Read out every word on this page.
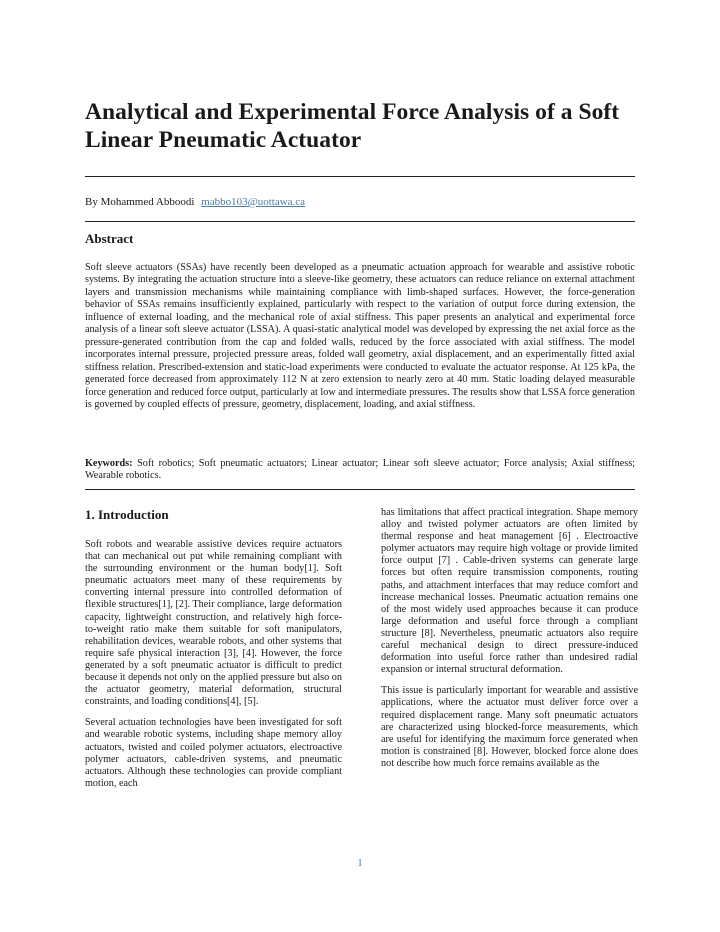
Analytical and Experimental Force Analysis of a Soft Linear Pneumatic Actuator
By Mohammed Abboodi mabbo103@uottawa.ca
Abstract

Soft sleeve actuators (SSAs) have recently been developed as a pneumatic actuation approach for wearable and assistive robotic systems. By integrating the actuation structure into a sleeve-like geometry, these actuators can reduce reliance on external attachment layers and transmission mechanisms while maintaining compliance with limb-shaped surfaces. However, the force-generation behavior of SSAs remains insufficiently explained, particularly with respect to the variation of output force during extension, the influence of external loading, and the mechanical role of axial stiffness. This paper presents an analytical and experimental force analysis of a linear soft sleeve actuator (LSSA). A quasi-static analytical model was developed by expressing the net axial force as the pressure-generated contribution from the cap and folded walls, reduced by the force associated with axial stiffness. The model incorporates internal pressure, projected pressure areas, folded wall geometry, axial displacement, and an experimentally fitted axial stiffness relation. Prescribed-extension and static-load experiments were conducted to evaluate the actuator response. At 125 kPa, the generated force decreased from approximately 112 N at zero extension to nearly zero at 40 mm. Static loading delayed measurable force generation and reduced force output, particularly at low and intermediate pressures. The results show that LSSA force generation is governed by coupled effects of pressure, geometry, displacement, loading, and axial stiffness.

Keywords: Soft robotics; Soft pneumatic actuators; Linear actuator; Linear soft sleeve actuator; Force analysis; Axial stiffness; Wearable robotics.

1. Introduction

Soft robots and wearable assistive devices require actuators that can mechanical out put while remaining compliant with the surrounding environment or the human body[1]. Soft pneumatic actuators meet many of these requirements by converting internal pressure into controlled deformation of flexible structures[1], [2]. Their compliance, large deformation capacity, lightweight construction, and relatively high force-to-weight ratio make them suitable for soft manipulators, rehabilitation devices, wearable robots, and other systems that require safe physical interaction [3], [4]. However, the force generated by a soft pneumatic actuator is difficult to predict because it depends not only on the applied pressure but also on the actuator geometry, material deformation, structural constraints, and loading conditions[4], [5].

Several actuation technologies have been investigated for soft and wearable robotic systems, including shape memory alloy actuators, twisted and coiled polymer actuators, electroactive polymer actuators, cable-driven systems, and pneumatic actuators. Although these technologies can provide compliant motion, each

has limitations that affect practical integration. Shape memory alloy and twisted polymer actuators are often limited by thermal response and heat management [6] . Electroactive polymer actuators may require high voltage or provide limited force output [7] . Cable-driven systems can generate large forces but often require transmission components, routing paths, and attachment interfaces that may reduce comfort and increase mechanical losses. Pneumatic actuation remains one of the most widely used approaches because it can produce large deformation and useful force through a compliant structure [8]. Nevertheless, pneumatic actuators also require careful mechanical design to direct pressure-induced deformation into useful force rather than undesired radial expansion or internal structural deformation.

This issue is particularly important for wearable and assistive applications, where the actuator must deliver force over a required displacement range. Many soft pneumatic actuators are characterized using blocked-force measurements, which are useful for identifying the maximum force generated when motion is constrained [8]. However, blocked force alone does not describe how much force remains available as the

1
